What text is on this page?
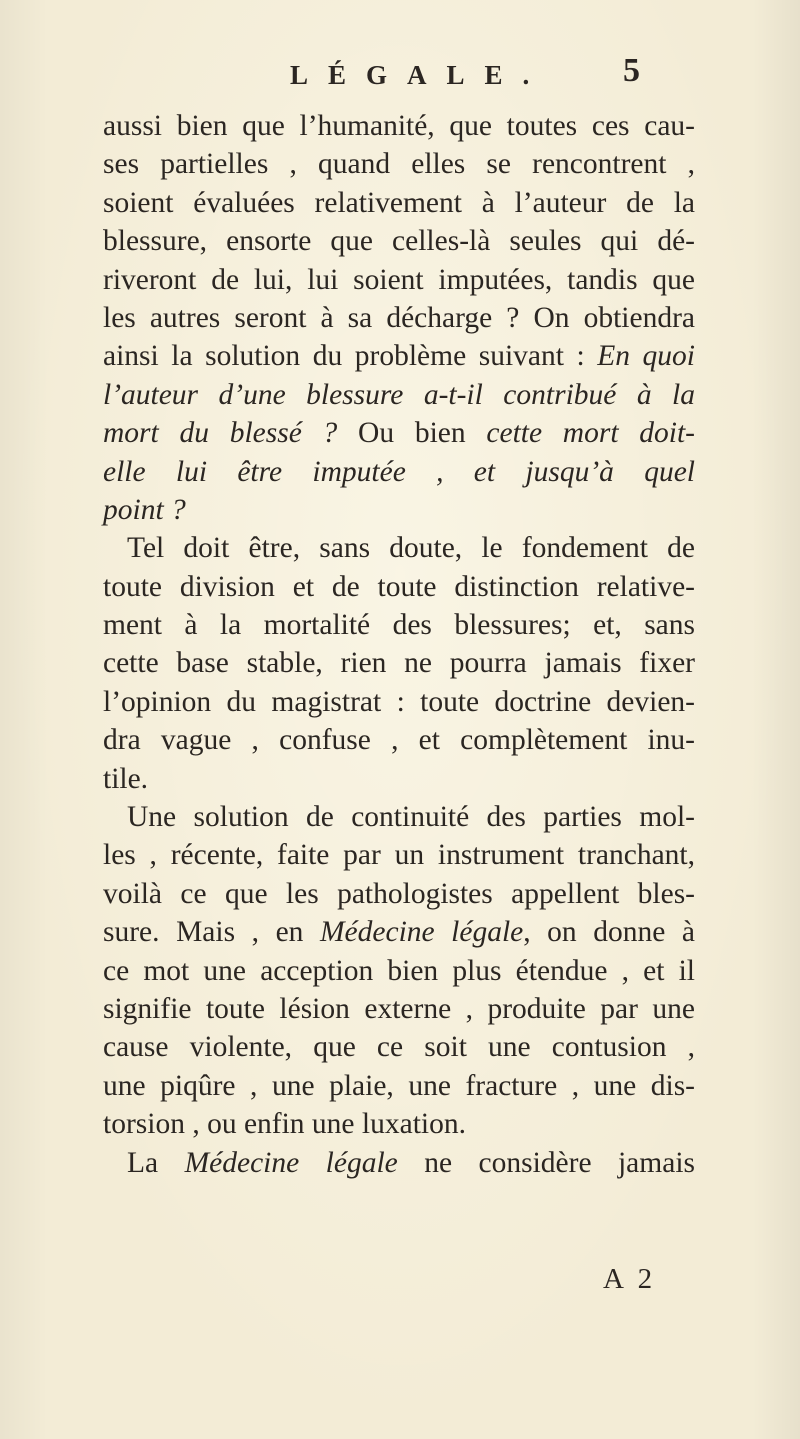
LÉGALE. 5
aussi bien que l’humanité, que toutes ces cau-
ses partielles , quand elles se rencontrent ,
soient évaluées relativement à l’auteur de la
blessure, ensorte que celles-là seules qui dé-
riveront de lui, lui soient imputées, tandis que
les autres seront à sa décharge ? On obtiendra
ainsi la solution du problème suivant : En quoi
l’auteur d’une blessure a-t-il contribué à la
mort du blessé ? Ou bien cette mort doit-
elle lui être imputée , et jusqu’à quel
point ?
Tel doit être, sans doute, le fondement de
toute division et de toute distinction relative-
ment à la mortalité des blessures; et, sans
cette base stable, rien ne pourra jamais fixer
l’opinion du magistrat : toute doctrine devien-
dra vague , confuse , et complètement inu-
tile.
Une solution de continuité des parties mol-
les , récente, faite par un instrument tranchant,
voilà ce que les pathologistes appellent bles-
sure. Mais , en Médecine légale, on donne à
ce mot une acception bien plus étendue , et il
signifie toute lésion externe , produite par une
cause violente, que ce soit une contusion ,
une piqûre , une plaie, une fracture , une dis-
torsion , ou enfin une luxation.
La Médecine légale ne considère jamais
A 2
